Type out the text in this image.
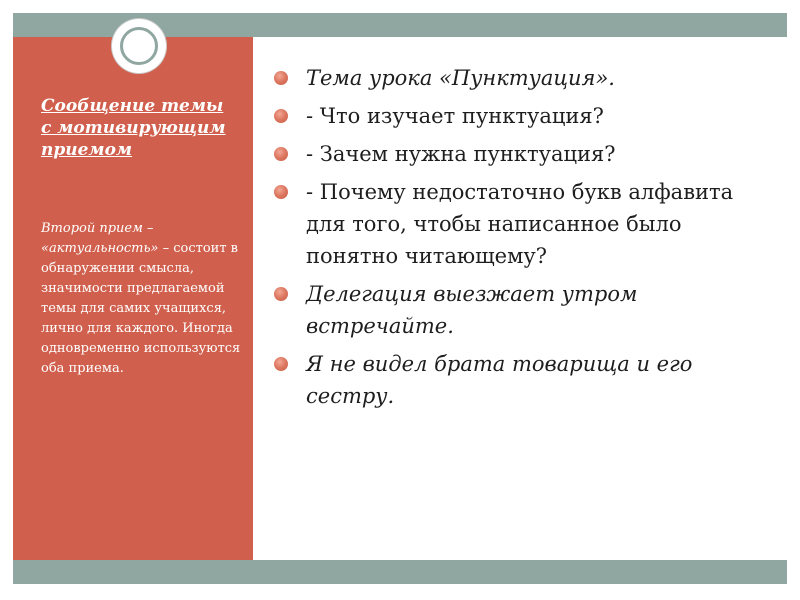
Сообщение темы с мотивирующим приемом

Второй прием – «актуальность» – состоит в обнаружении смысла, значимости предлагаемой темы для самих учащихся, лично для каждого. Иногда одновременно используются оба приема.

Тема урока «Пунктуация».
- Что изучает пунктуация?
- Зачем нужна пунктуация?
- Почему недостаточно букв алфавита для того, чтобы написанное было понятно читающему?
Делегация выезжает утром встречайте.
Я не видел брата товарища и его сестру.
